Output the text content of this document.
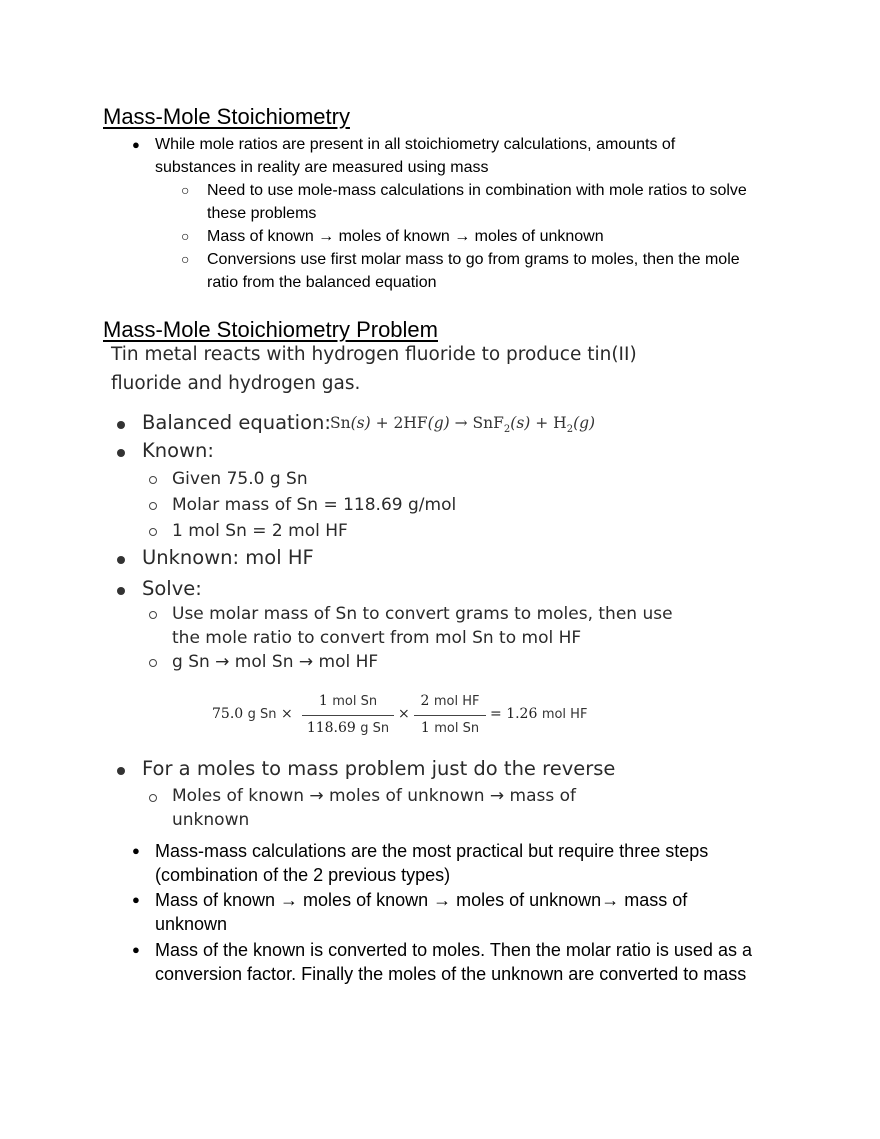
Mass-Mole Stoichiometry
● While mole ratios are present in all stoichiometry calculations, amounts of substances in reality are measured using mass
○ Need to use mole-mass calculations in combination with mole ratios to solve these problems
○ Mass of known → moles of known → moles of unknown
○ Conversions use first molar mass to go from grams to moles, then the mole ratio from the balanced equation
Mass-Mole Stoichiometry Problem
Tin metal reacts with hydrogen fluoride to produce tin(II)
fluoride and hydrogen gas.
Balanced equation: $Sn(s) + 2HF(g) \to SnF_2(s) + H_2(g)$
Known:
Given 75.0 g Sn
Molar mass of Sn = 118.69 g/mol
1 mol Sn = 2 mol HF
Unknown: mol HF
Solve:
Use molar mass of Sn to convert grams to moles, then use
the mole ratio to convert from mol Sn to mol HF
g Sn → mol Sn → mol HF
75.0 g Sn ×
1 mol Sn
118.69 g Sn
×
2 mol HF
1 mol Sn
= 1.26 mol HF
For a moles to mass problem just do the reverse
Moles of known → moles of unknown → mass of
unknown
● Mass-mass calculations are the most practical but require three steps (combination of the 2 previous types)
● Mass of known → moles of known → moles of unknown→ mass of unknown
● Mass of the known is converted to moles. Then the molar ratio is used as a conversion factor. Finally the moles of the unknown are converted to mass
